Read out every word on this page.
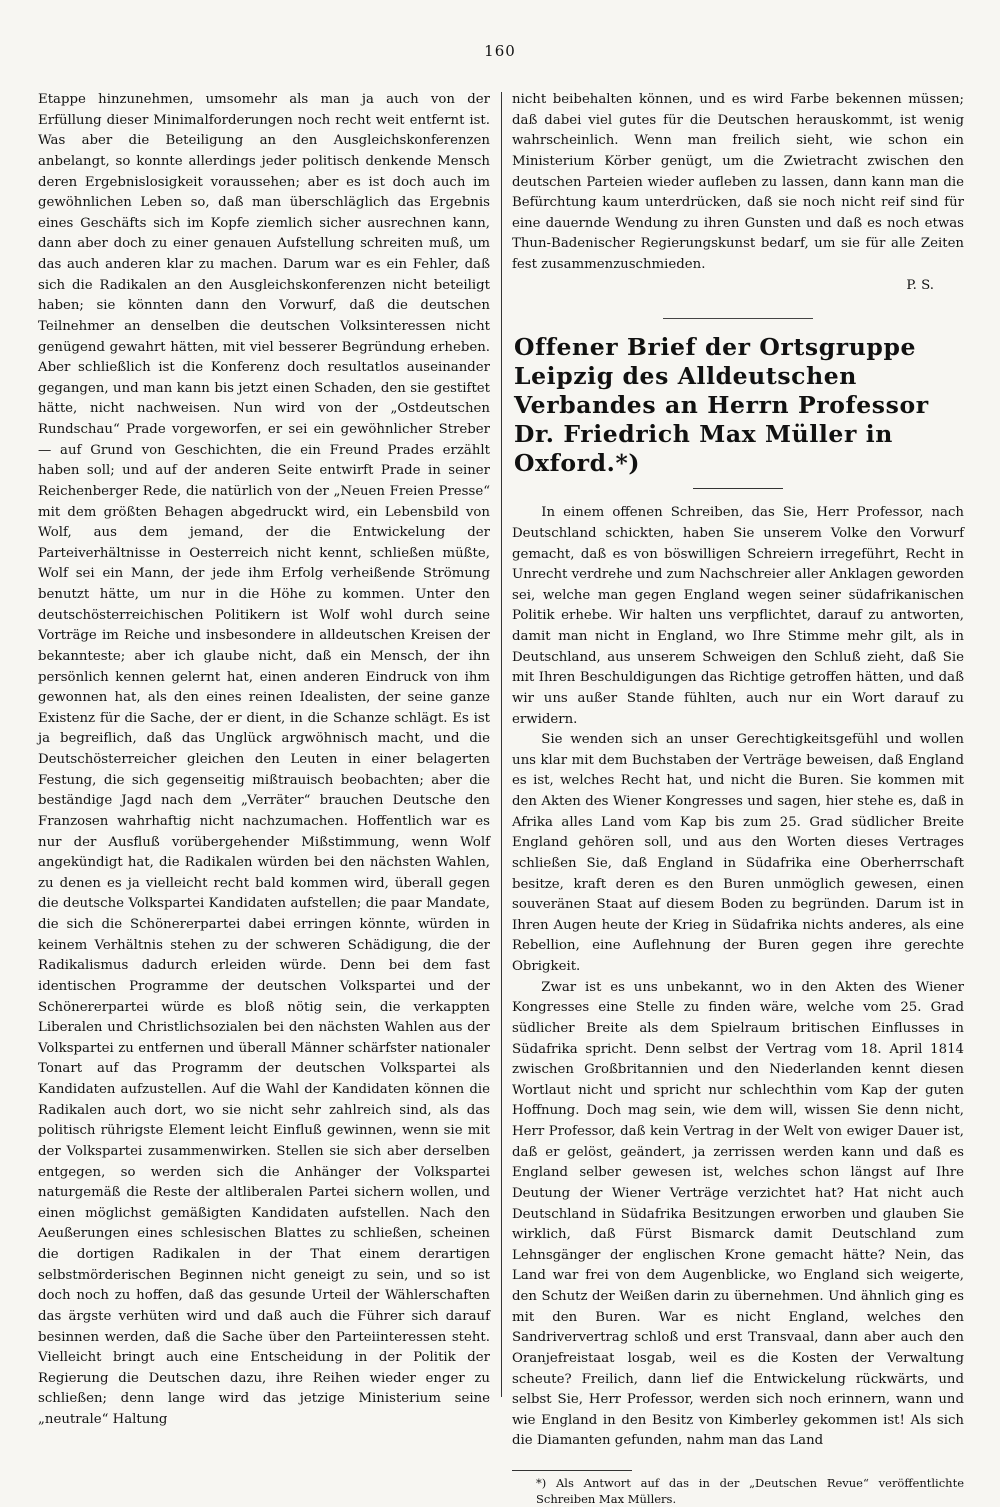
160

Etappe hinzunehmen, umsomehr als man ja auch von der Erfüllung dieser Minimalforderungen noch recht weit entfernt ist. Was aber die Beteiligung an den Ausgleichskonferenzen anbelangt, so konnte allerdings jeder politisch denkende Mensch deren Ergebnislosigkeit voraussehen; aber es ist doch auch im gewöhnlichen Leben so, daß man überschläglich das Ergebnis eines Geschäfts sich im Kopfe ziemlich sicher ausrechnen kann, dann aber doch zu einer genauen Aufstellung schreiten muß, um das auch anderen klar zu machen. Darum war es ein Fehler, daß sich die Radikalen an den Ausgleichskonferenzen nicht beteiligt haben; sie könnten dann den Vorwurf, daß die deutschen Teilnehmer an denselben die deutschen Volksinteressen nicht genügend gewahrt hätten, mit viel besserer Begründung erheben. Aber schließlich ist die Konferenz doch resultatlos auseinander gegangen, und man kann bis jetzt einen Schaden, den sie gestiftet hätte, nicht nachweisen. Nun wird von der „Ostdeutschen Rundschau“ Prade vorgeworfen, er sei ein gewöhnlicher Streber — auf Grund von Geschichten, die ein Freund Prades erzählt haben soll; und auf der anderen Seite entwirft Prade in seiner Reichenberger Rede, die natürlich von der „Neuen Freien Presse“ mit dem größten Behagen abgedruckt wird, ein Lebensbild von Wolf, aus dem jemand, der die Entwickelung der Parteiverhältnisse in Oesterreich nicht kennt, schließen müßte, Wolf sei ein Mann, der jede ihm Erfolg verheißende Strömung benutzt hätte, um nur in die Höhe zu kommen. Unter den deutschösterreichischen Politikern ist Wolf wohl durch seine Vorträge im Reiche und insbesondere in alldeutschen Kreisen der bekannteste; aber ich glaube nicht, daß ein Mensch, der ihn persönlich kennen gelernt hat, einen anderen Eindruck von ihm gewonnen hat, als den eines reinen Idealisten, der seine ganze Existenz für die Sache, der er dient, in die Schanze schlägt. Es ist ja begreiflich, daß das Unglück argwöhnisch macht, und die Deutschösterreicher gleichen den Leuten in einer belagerten Festung, die sich gegenseitig mißtrauisch beobachten; aber die beständige Jagd nach dem „Verräter“ brauchen Deutsche den Franzosen wahrhaftig nicht nachzumachen. Hoffentlich war es nur der Ausfluß vorübergehender Mißstimmung, wenn Wolf angekündigt hat, die Radikalen würden bei den nächsten Wahlen, zu denen es ja vielleicht recht bald kommen wird, überall gegen die deutsche Volkspartei Kandidaten aufstellen; die paar Mandate, die sich die Schönererpartei dabei erringen könnte, würden in keinem Verhältnis stehen zu der schweren Schädigung, die der Radikalismus dadurch erleiden würde. Denn bei dem fast identischen Programme der deutschen Volkspartei und der Schönererpartei würde es bloß nötig sein, die verkappten Liberalen und Christlichsozialen bei den nächsten Wahlen aus der Volkspartei zu entfernen und überall Männer schärfster nationaler Tonart auf das Programm der deutschen Volkspartei als Kandidaten aufzustellen. Auf die Wahl der Kandidaten können die Radikalen auch dort, wo sie nicht sehr zahlreich sind, als das politisch rührigste Element leicht Einfluß gewinnen, wenn sie mit der Volkspartei zusammenwirken. Stellen sie sich aber derselben entgegen, so werden sich die Anhänger der Volkspartei naturgemäß die Reste der altliberalen Partei sichern wollen, und einen möglichst gemäßigten Kandidaten aufstellen. Nach den Aeußerungen eines schlesischen Blattes zu schließen, scheinen die dortigen Radikalen in der That einem derartigen selbstmörderischen Beginnen nicht geneigt zu sein, und so ist doch noch zu hoffen, daß das gesunde Urteil der Wählerschaften das ärgste verhüten wird und daß auch die Führer sich darauf besinnen werden, daß die Sache über den Parteiinteressen steht. Vielleicht bringt auch eine Entscheidung in der Politik der Regierung die Deutschen dazu, ihre Reihen wieder enger zu schließen; denn lange wird das jetzige Ministerium seine „neutrale“ Haltung

nicht beibehalten können, und es wird Farbe bekennen müssen; daß dabei viel gutes für die Deutschen herauskommt, ist wenig wahrscheinlich. Wenn man freilich sieht, wie schon ein Ministerium Körber genügt, um die Zwietracht zwischen den deutschen Parteien wieder aufleben zu lassen, dann kann man die Befürchtung kaum unterdrücken, daß sie noch nicht reif sind für eine dauernde Wendung zu ihren Gunsten und daß es noch etwas Thun-Badenischer Regierungskunst bedarf, um sie für alle Zeiten fest zusammenzuschmieden.

P. S.

Offener Brief der Ortsgruppe Leipzig des Alldeutschen Verbandes an Herrn Professor Dr. Friedrich Max Müller in Oxford.*)

In einem offenen Schreiben, das Sie, Herr Professor, nach Deutschland schickten, haben Sie unserem Volke den Vorwurf gemacht, daß es von böswilligen Schreiern irregeführt, Recht in Unrecht verdrehe und zum Nachschreier aller Anklagen geworden sei, welche man gegen England wegen seiner südafrikanischen Politik erhebe. Wir halten uns verpflichtet, darauf zu antworten, damit man nicht in England, wo Ihre Stimme mehr gilt, als in Deutschland, aus unserem Schweigen den Schluß zieht, daß Sie mit Ihren Beschuldigungen das Richtige getroffen hätten, und daß wir uns außer Stande fühlten, auch nur ein Wort darauf zu erwidern.

Sie wenden sich an unser Gerechtigkeitsgefühl und wollen uns klar mit dem Buchstaben der Verträge beweisen, daß England es ist, welches Recht hat, und nicht die Buren. Sie kommen mit den Akten des Wiener Kongresses und sagen, hier stehe es, daß in Afrika alles Land vom Kap bis zum 25. Grad südlicher Breite England gehören soll, und aus den Worten dieses Vertrages schließen Sie, daß England in Südafrika eine Oberherrschaft besitze, kraft deren es den Buren unmöglich gewesen, einen souveränen Staat auf diesem Boden zu begründen. Darum ist in Ihren Augen heute der Krieg in Südafrika nichts anderes, als eine Rebellion, eine Auflehnung der Buren gegen ihre gerechte Obrigkeit.

Zwar ist es uns unbekannt, wo in den Akten des Wiener Kongresses eine Stelle zu finden wäre, welche vom 25. Grad südlicher Breite als dem Spielraum britischen Einflusses in Südafrika spricht. Denn selbst der Vertrag vom 18. April 1814 zwischen Großbritannien und den Niederlanden kennt diesen Wortlaut nicht und spricht nur schlechthin vom Kap der guten Hoffnung. Doch mag sein, wie dem will, wissen Sie denn nicht, Herr Professor, daß kein Vertrag in der Welt von ewiger Dauer ist, daß er gelöst, geändert, ja zerrissen werden kann und daß es England selber gewesen ist, welches schon längst auf Ihre Deutung der Wiener Verträge verzichtet hat? Hat nicht auch Deutschland in Südafrika Besitzungen erworben und glauben Sie wirklich, daß Fürst Bismarck damit Deutschland zum Lehnsgänger der englischen Krone gemacht hätte? Nein, das Land war frei von dem Augenblicke, wo England sich weigerte, den Schutz der Weißen darin zu übernehmen. Und ähnlich ging es mit den Buren. War es nicht England, welches den Sandriververtrag schloß und erst Transvaal, dann aber auch den Oranjefreistaat losgab, weil es die Kosten der Verwaltung scheute? Freilich, dann lief die Entwickelung rückwärts, und selbst Sie, Herr Professor, werden sich noch erinnern, wann und wie England in den Besitz von Kimberley gekommen ist! Als sich die Diamanten gefunden, nahm man das Land

*) Als Antwort auf das in der „Deutschen Revue“ veröffentlichte Schreiben Max Müllers.
